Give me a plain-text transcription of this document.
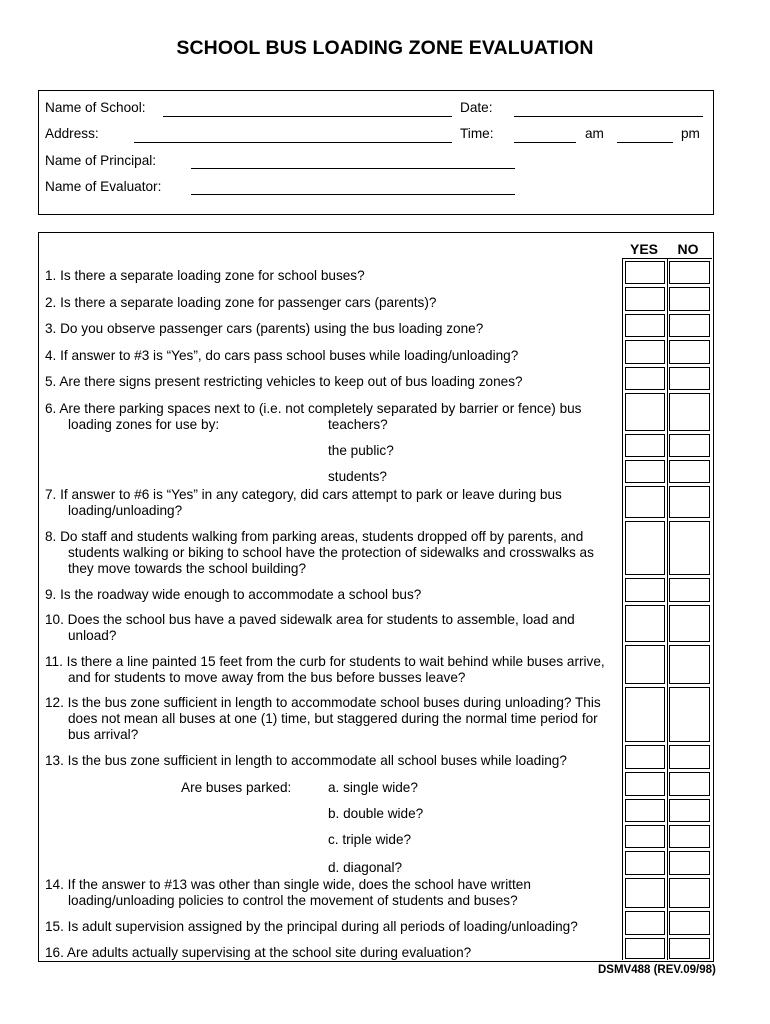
SCHOOL BUS LOADING ZONE EVALUATION
Name of School:	Date:
Address:	Time:	am	pm
Name of Principal:
Name of Evaluator:
YES	NO
1. Is there a separate loading zone for school buses?
2. Is there a separate loading zone for passenger cars (parents)?
3. Do you observe passenger cars (parents) using the bus loading zone?
4. If answer to #3 is “Yes”, do cars pass school buses while loading/unloading?
5. Are there signs present restricting vehicles to keep out of bus loading zones?
6. Are there parking spaces next to (i.e. not completely separated by barrier or fence) bus
loading zones for use by:	teachers?
the public?
students?
7. If answer to #6 is “Yes” in any category, did cars attempt to park or leave during bus
loading/unloading?
8. Do staff and students walking from parking areas, students dropped off by parents, and
students walking or biking to school have the protection of sidewalks and crosswalks as
they move towards the school building?
9. Is the roadway wide enough to accommodate a school bus?
10. Does the school bus have a paved sidewalk area for students to assemble, load and
unload?
11. Is there a line painted 15 feet from the curb for students to wait behind while buses arrive,
and for students to move away from the bus before busses leave?
12. Is the bus zone sufficient in length to accommodate school buses during unloading? This
does not mean all buses at one (1) time, but staggered during the normal time period for
bus arrival?
13. Is the bus zone sufficient in length to accommodate all school buses while loading?
Are buses parked:	a. single wide?
b. double wide?
c. triple wide?
d. diagonal?
14. If the answer to #13 was other than single wide, does the school have written
loading/unloading policies to control the movement of students and buses?
15. Is adult supervision assigned by the principal during all periods of loading/unloading?
16. Are adults actually supervising at the school site during evaluation?
DSMV488 (REV.09/98)
